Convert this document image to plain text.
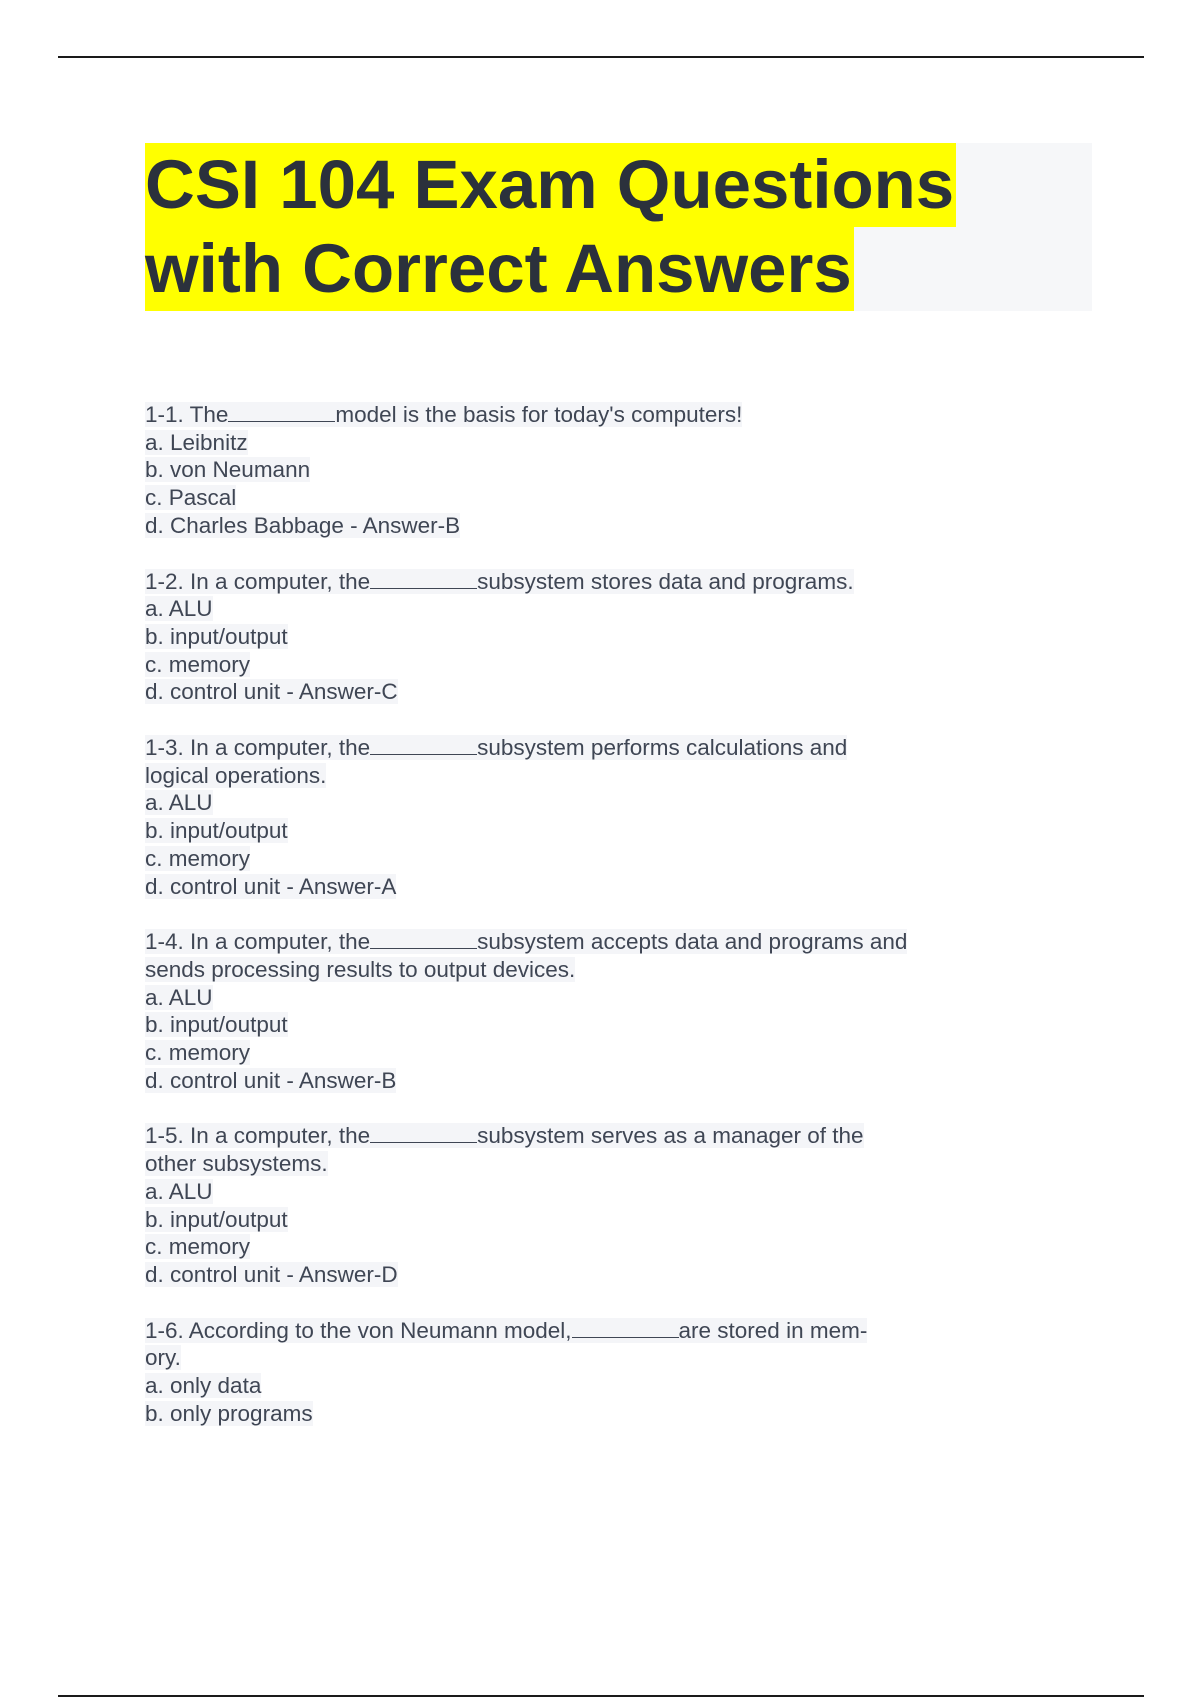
CSI 104 Exam Questions
with Correct Answers
1-1. The	model is the basis for today's computers!
a. Leibnitz
b. von Neumann
c. Pascal
d. Charles Babbage - Answer-B
1-2. In a computer, the	subsystem stores data and programs.
a. ALU
b. input/output
c. memory
d. control unit - Answer-C
1-3. In a computer, the	subsystem performs calculations and
logical operations.
a. ALU
b. input/output
c. memory
d. control unit - Answer-A
1-4. In a computer, the	subsystem accepts data and programs and
sends processing results to output devices.
a. ALU
b. input/output
c. memory
d. control unit - Answer-B
1-5. In a computer, the	subsystem serves as a manager of the
other subsystems.
a. ALU
b. input/output
c. memory
d. control unit - Answer-D
1-6. According to the von Neumann model,	are stored in mem-
ory.
a. only data
b. only programs
